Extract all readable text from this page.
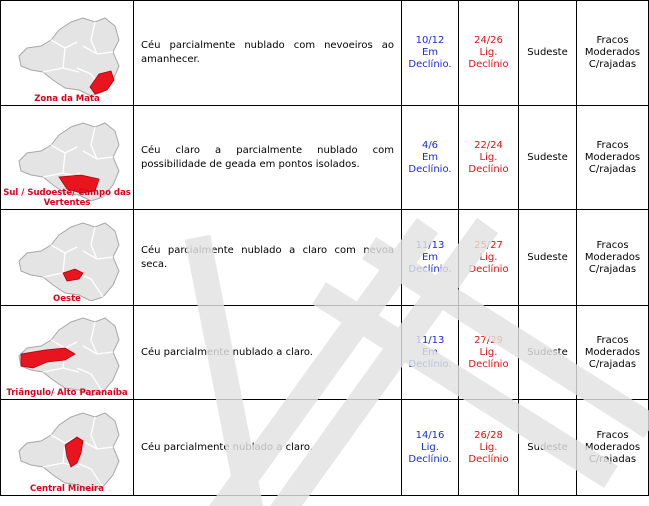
Zona da Mata	Céu parcialmente nublado com nevoeiros ao amanhecer.	10/12
Em
Declínio.	24/26
Lig.
Declínio	Sudeste	Fracos
Moderados
C/rajadas

Sul / Sudoeste/ Campo das Vertentes	Céu claro a parcialmente nublado com possibilidade de geada em pontos isolados.	4/6
Em
Declínio.	22/24
Lig.
Declínio	Sudeste	Fracos
Moderados
C/rajadas

Oeste	Céu parcialmente nublado a claro com nevoa seca.	11/13
Em
Declínio.	25/27
Lig.
Declínio	Sudeste	Fracos
Moderados
C/rajadas

Triângulo/ Alto Paranaíba	Céu parcialmente nublado a claro.	11/13
Em
Declínio.	27/29
Lig.
Declínio	Sudeste	Fracos
Moderados
C/rajadas

Central Mineira	Céu parcialmente nublado a claro.	14/16
Lig.
Declínio.	26/28
Lig.
Declínio	Sudeste	Fracos
Moderados
C/rajadas
